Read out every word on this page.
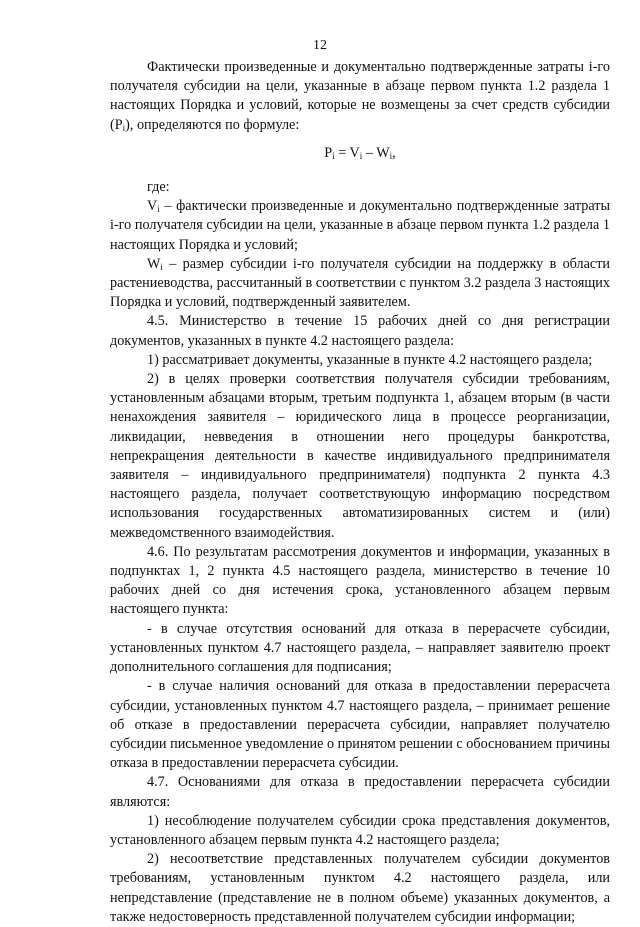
12

Фактически произведенные и документально подтвержденные затраты i-го получателя субсидии на цели, указанные в абзаце первом пункта 1.2 раздела 1 настоящих Порядка и условий, которые не возмещены за счет средств субсидии $(P_i)$, определяются по формуле:

$P_i = V_i - W_i$,

где:

$V_i$ – фактически произведенные и документально подтвержденные затраты i-го получателя субсидии на цели, указанные в абзаце первом пункта 1.2 раздела 1 настоящих Порядка и условий;

$W_i$ – размер субсидии i-го получателя субсидии на поддержку в области растениеводства, рассчитанный в соответствии с пунктом 3.2 раздела 3 настоящих Порядка и условий, подтвержденный заявителем.

4.5. Министерство в течение 15 рабочих дней со дня регистрации документов, указанных в пункте 4.2 настоящего раздела:

1) рассматривает документы, указанные в пункте 4.2 настоящего раздела;

2) в целях проверки соответствия получателя субсидии требованиям, установленным абзацами вторым, третьим подпункта 1, абзацем вторым (в части ненахождения заявителя – юридического лица в процессе реорганизации, ликвидации, невведения в отношении него процедуры банкротства, непрекращения деятельности в качестве индивидуального предпринимателя заявителя – индивидуального предпринимателя) подпункта 2 пункта 4.3 настоящего раздела, получает соответствующую информацию посредством использования государственных автоматизированных систем и (или) межведомственного взаимодействия.

4.6. По результатам рассмотрения документов и информации, указанных в подпунктах 1, 2 пункта 4.5 настоящего раздела, министерство в течение 10 рабочих дней со дня истечения срока, установленного абзацем первым настоящего пункта:

- в случае отсутствия оснований для отказа в перерасчете субсидии, установленных пунктом 4.7 настоящего раздела, – направляет заявителю проект дополнительного соглашения для подписания;

- в случае наличия оснований для отказа в предоставлении перерасчета субсидии, установленных пунктом 4.7 настоящего раздела, – принимает решение об отказе в предоставлении перерасчета субсидии, направляет получателю субсидии письменное уведомление о принятом решении с обоснованием причины отказа в предоставлении перерасчета субсидии.

4.7. Основаниями для отказа в предоставлении перерасчета субсидии являются:

1) несоблюдение получателем субсидии срока представления документов, установленного абзацем первым пункта 4.2 настоящего раздела;

2) несоответствие представленных получателем субсидии документов требованиям, установленным пунктом 4.2 настоящего раздела, или непредставление (представление не в полном объеме) указанных документов, а также недостоверность представленной получателем субсидии информации;
